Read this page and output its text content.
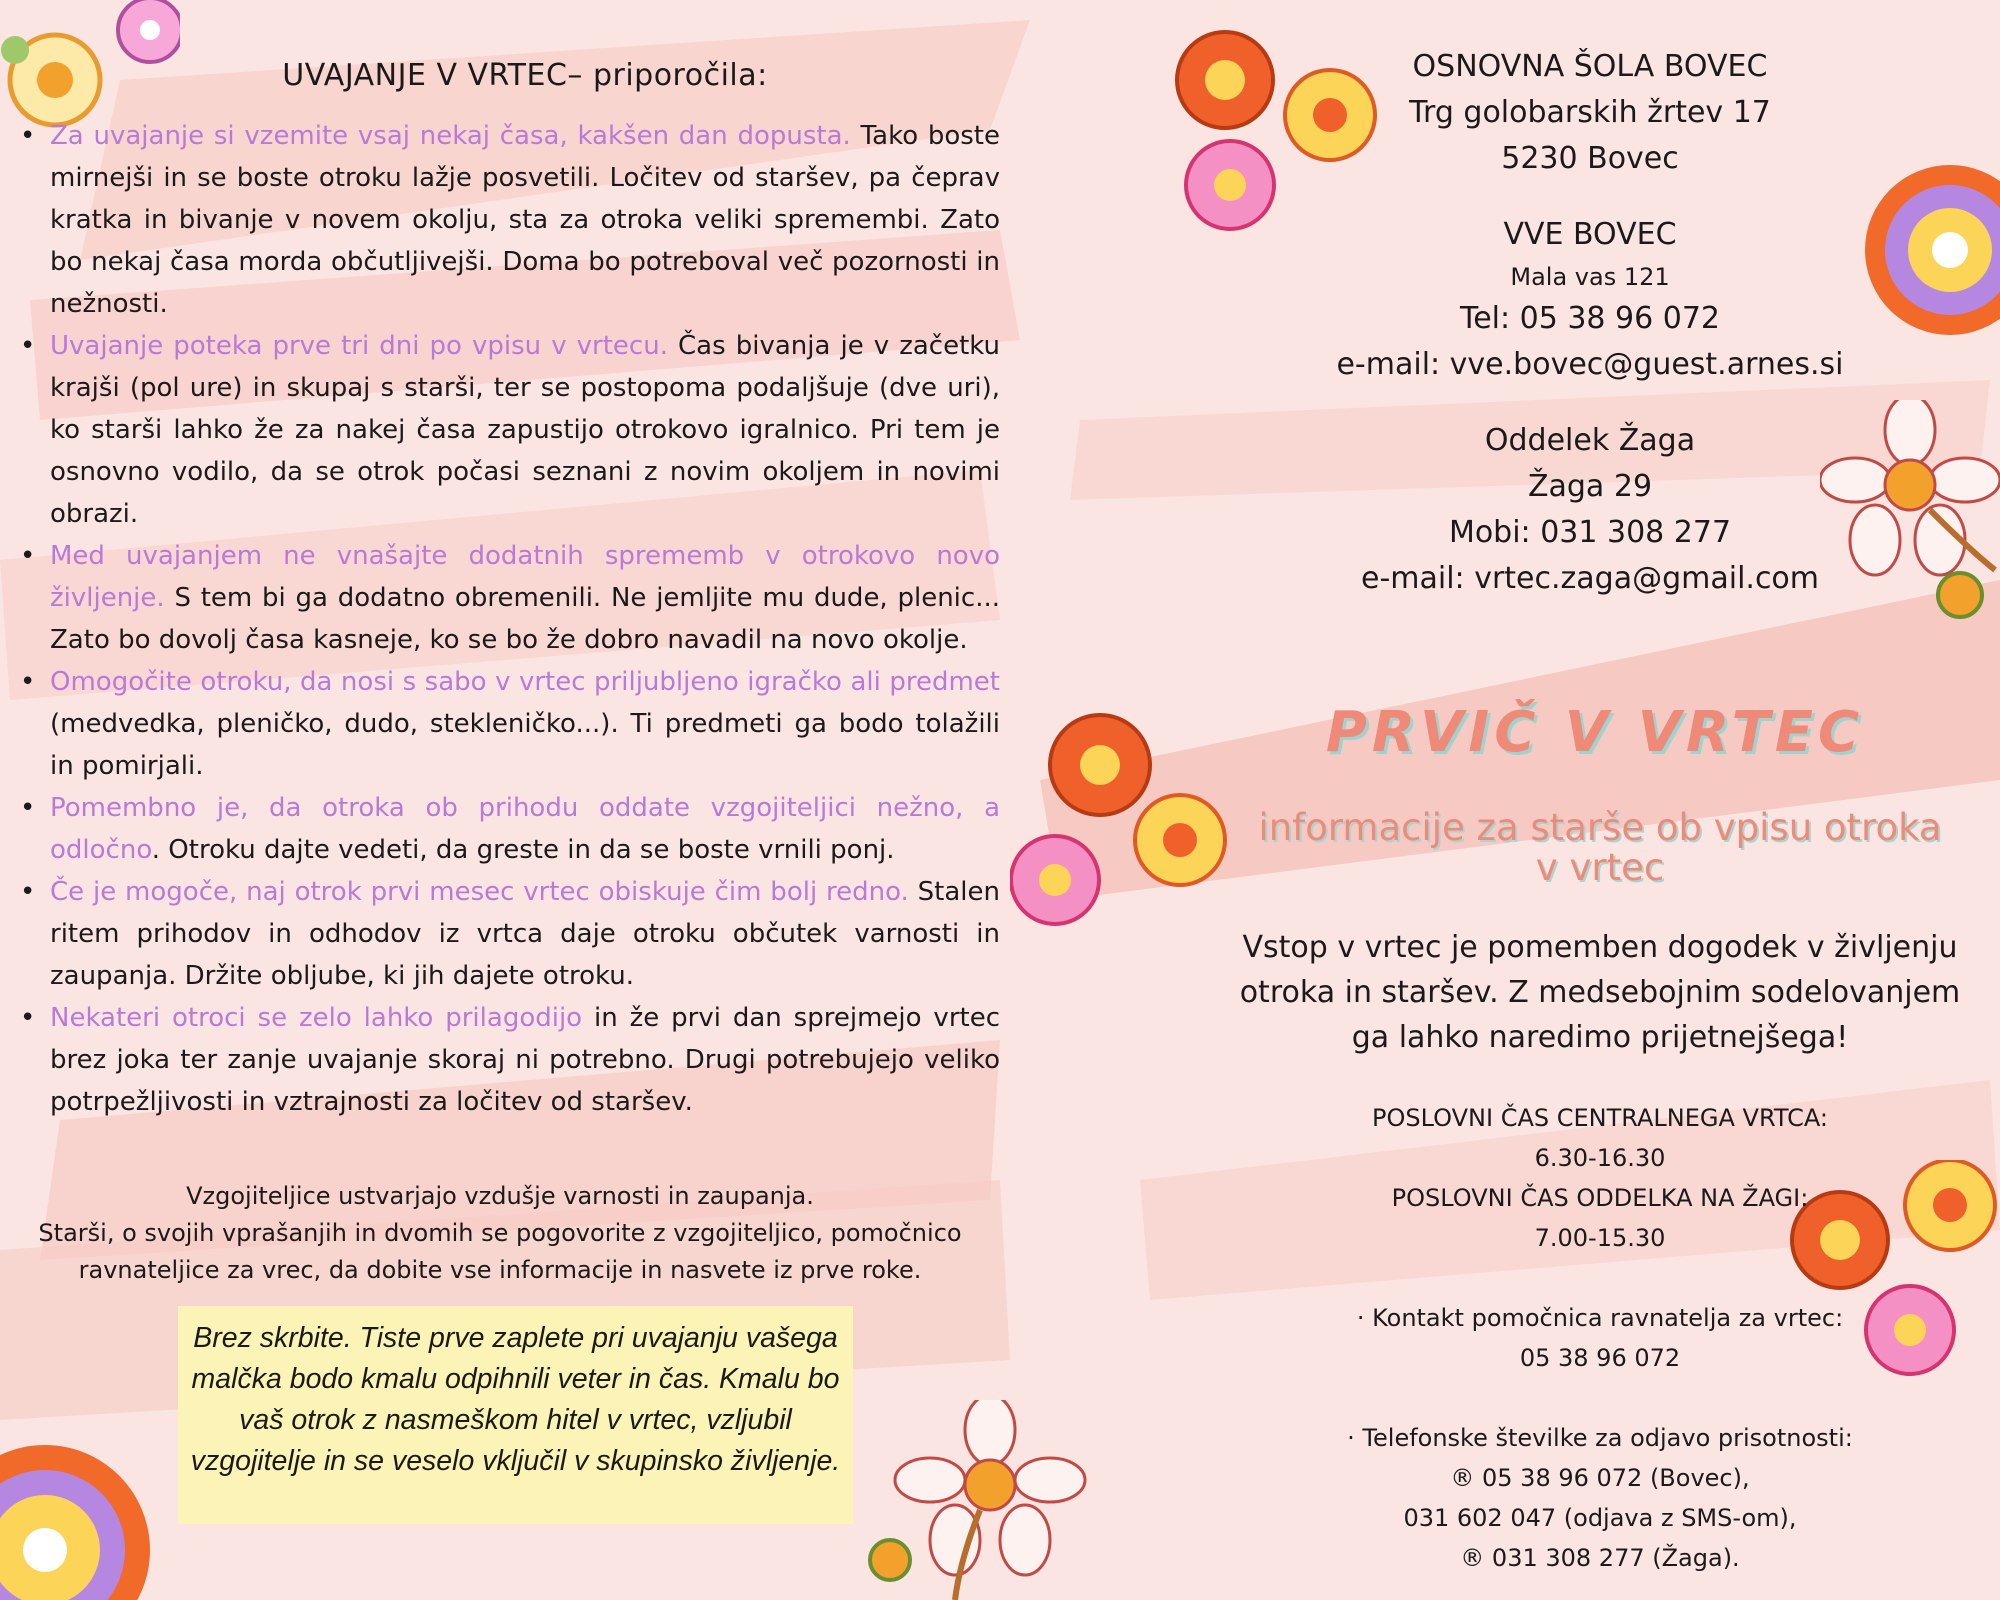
UVAJANJE V VRTEC– priporočila:
• Za uvajanje si vzemite vsaj nekaj časa, kakšen dan dopusta. Tako boste mirnejši in se boste otroku lažje posvetili. Ločitev od staršev, pa čeprav kratka in bivanje v novem okolju, sta za otroka veliki spremembi. Zato bo nekaj časa morda občutljivejši. Doma bo potreboval več pozornosti in nežnosti.
• Uvajanje poteka prve tri dni po vpisu v vrtecu. Čas bivanja je v začetku krajši (pol ure) in skupaj s starši, ter se postopoma podaljšuje (dve uri), ko starši lahko že za nakej časa zapustijo otrokovo igralnico. Pri tem je osnovno vodilo, da se otrok počasi seznani z novim okoljem in novimi obrazi.
• Med uvajanjem ne vnašajte dodatnih sprememb v otrokovo novo življenje. S tem bi ga dodatno obremenili. Ne jemljite mu dude, plenic... Zato bo dovolj časa kasneje, ko se bo že dobro navadil na novo okolje.
• Omogočite otroku, da nosi s sabo v vrtec priljubljeno igračko ali predmet (medvedka, pleničko, dudo, stekleničko...). Ti predmeti ga bodo tolažili in pomirjali.
• Pomembno je, da otroka ob prihodu oddate vzgojiteljici nežno, a odločno. Otroku dajte vedeti, da greste in da se boste vrnili ponj.
• Če je mogoče, naj otrok prvi mesec vrtec obiskuje čim bolj redno. Stalen ritem prihodov in odhodov iz vrtca daje otroku občutek varnosti in zaupanja. Držite obljube, ki jih dajete otroku.
• Nekateri otroci se zelo lahko prilagodijo in že prvi dan sprejmejo vrtec brez joka ter zanje uvajanje skoraj ni potrebno. Drugi potrebujejo veliko potrpežljivosti in vztrajnosti za ločitev od staršev.
Vzgojiteljice ustvarjajo vzdušje varnosti in zaupanja.
Starši, o svojih vprašanjih in dvomih se pogovorite z vzgojiteljico, pomočnico
ravnateljice za vrec, da dobite vse informacije in nasvete iz prve roke.
Brez skrbite. Tiste prve zaplete pri uvajanju vašega malčka bodo kmalu odpihnili veter in čas. Kmalu bo vaš otrok z nasmeškom hitel v vrtec, vzljubil vzgojitelje in se veselo vključil v skupinsko življenje.
OSNOVNA ŠOLA BOVEC
Trg golobarskih žrtev 17
5230 Bovec
VVE BOVEC
Mala vas 121
Tel: 05 38 96 072
e-mail: vve.bovec@guest.arnes.si
Oddelek Žaga
Žaga 29
Mobi: 031 308 277
e-mail: vrtec.zaga@gmail.com
PRVIČ V VRTEC
informacije za starše ob vpisu otroka v vrtec
Vstop v vrtec je pomemben dogodek v življenju otroka in staršev. Z medsebojnim sodelovanjem ga lahko naredimo prijetnejšega!
POSLOVNI ČAS CENTRALNEGA VRTCA:
6.30-16.30
POSLOVNI ČAS ODDELKA NA ŽAGI:
7.00-15.30
· Kontakt pomočnica ravnatelja za vrtec:
05 38 96 072
· Telefonske številke za odjavo prisotnosti:
® 05 38 96 072 (Bovec),
031 602 047 (odjava z SMS-om),
® 031 308 277 (Žaga).
